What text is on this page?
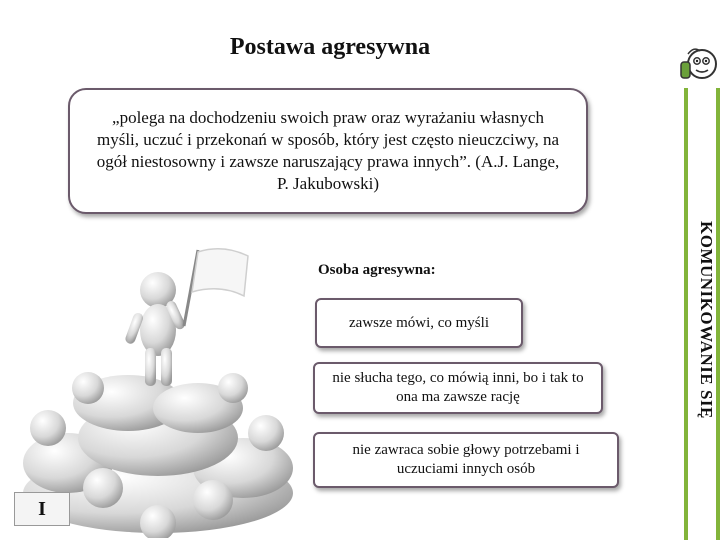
Postawa agresywna
„polega na dochodzeniu swoich praw oraz wyrażaniu własnych myśli, uczuć i przekonań w sposób, który jest często nieuczciwy, na ogół niestosowny i zawsze naruszający prawa innych”. (A.J. Lange, P. Jakubowski)
KOMUNIKOWANIE SIĘ
Osoba agresywna:
zawsze mówi, co myśli
nie słucha tego, co mówią inni, bo i tak to ona ma zawsze rację
nie zawraca sobie głowy potrzebami i uczuciami innych osób
I
